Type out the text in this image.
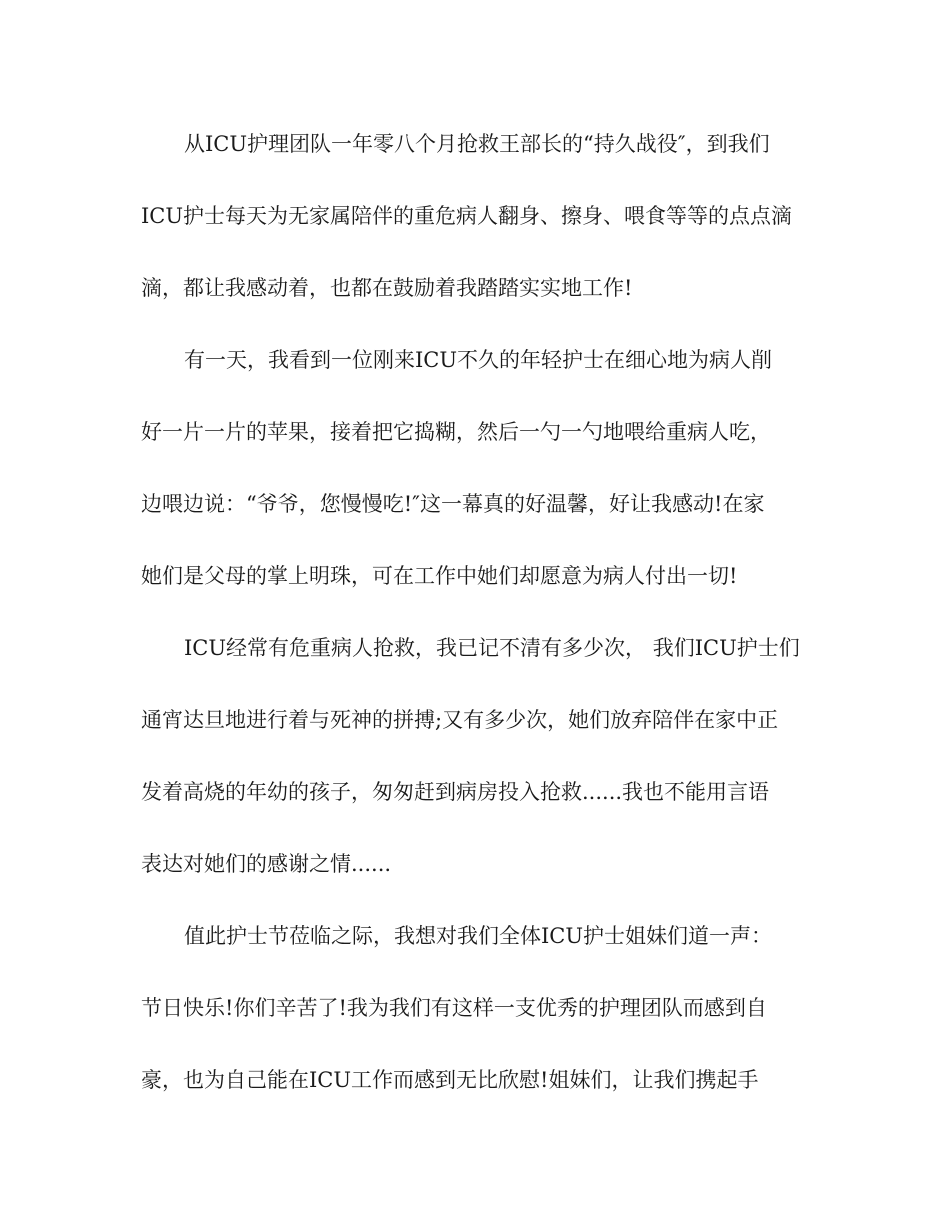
从ICU护理团队一年零八个月抢救王部长的“持久战役″，到我们
ICU护士每天为无家属陪伴的重危病人翻身、擦身、喂食等等的点点滴
滴，都让我感动着，也都在鼓励着我踏踏实实地工作!
有一天，我看到一位刚来ICU不久的年轻护士在细心地为病人削
好一片一片的苹果，接着把它捣糊，然后一勺一勺地喂给重病人吃，
边喂边说：“爷爷，您慢慢吃!″这一幕真的好温馨，好让我感动!在家
她们是父母的掌上明珠，可在工作中她们却愿意为病人付出一切!
ICU经常有危重病人抢救，我已记不清有多少次， 我们ICU护士们
通宵达旦地进行着与死神的拼搏;又有多少次，她们放弃陪伴在家中正
发着高烧的年幼的孩子，匆匆赶到病房投入抢救......我也不能用言语
表达对她们的感谢之情......
值此护士节莅临之际，我想对我们全体ICU护士姐妹们道一声：
节日快乐!你们辛苦了!我为我们有这样一支优秀的护理团队而感到自
豪，也为自己能在ICU工作而感到无比欣慰!姐妹们，让我们携起手
